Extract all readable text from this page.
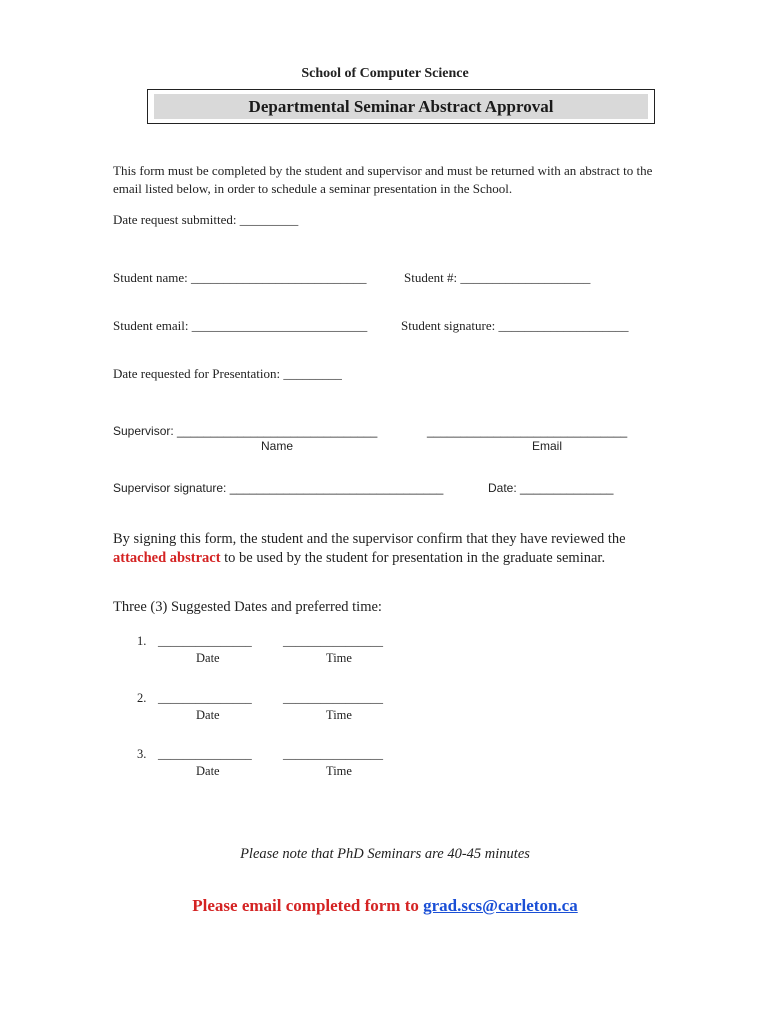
School of Computer Science
Departmental Seminar Abstract Approval
This form must be completed by the student and supervisor and must be returned with an abstract to the email listed below, in order to schedule a seminar presentation in the School.
Date request submitted: _________
Student name: ___________________________	Student #: ____________________
Student email: ___________________________	Student signature: ____________________
Date requested for Presentation: _________
Supervisor: ______________________________	______________________________
Name	Email
Supervisor signature: ________________________________	Date: ______________
By signing this form, the student and the supervisor confirm that they have reviewed the
attached abstract to be used by the student for presentation in the graduate seminar.
Three (3) Suggested Dates and preferred time:
1. _______________	________________
Date	Time
2. _______________	________________
Date	Time
3. _______________	________________
Date	Time
Please note that PhD Seminars are 40-45 minutes
Please email completed form to grad.scs@carleton.ca
